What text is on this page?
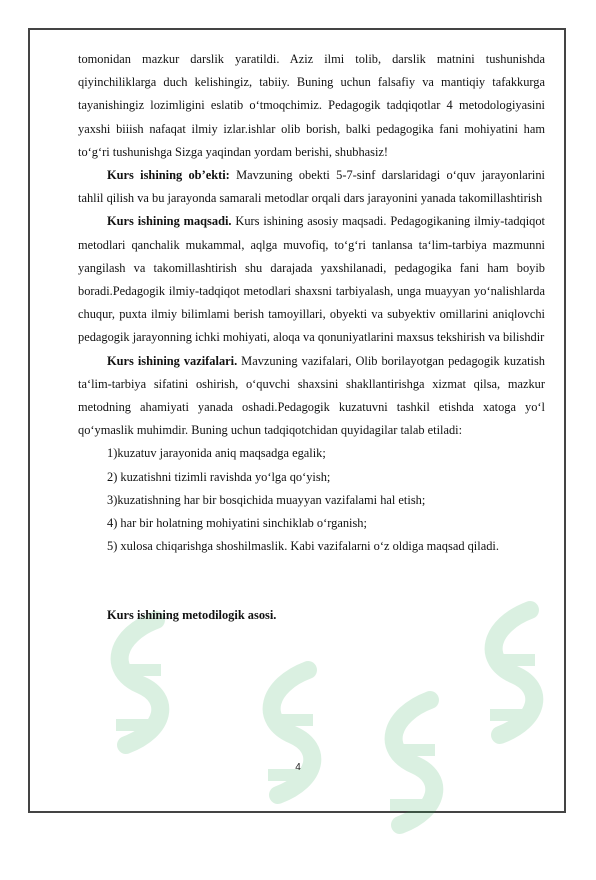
tomonidan mazkur darslik yaratildi. Aziz ilmi tolib, darslik matnini tushunishda qiyinchiliklarga duch kelishingiz, tabiiy. Buning uchun falsafiy va mantiqiy tafakkurga tayanishingiz lozimligini eslatib o‘tmoqchimiz. Pedagogik tadqiqotlar 4 metodologiyasini yaxshi biiish nafaqat ilmiy izlar.ishlar olib borish, balki pedagogika fani mohiyatini ham to‘g‘ri tushunishga Sizga yaqindan yordam berishi, shubhasiz!

Kurs ishining ob’ekti: Mavzuning obekti 5-7-sinf darslaridagi o‘quv jarayonlarini tahlil qilish va bu jarayonda samarali metodlar orqali dars jarayonini yanada takomillashtirish

Kurs ishining maqsadi. Kurs ishining asosiy maqsadi. Pedagogikaning ilmiy-tadqiqot metodlari qanchalik mukammal, aqlga muvofiq, to‘g‘ri tanlansa ta‘lim-tarbiya mazmunni yangilash va takomillashtirish shu darajada yaxshilanadi, pedagogika fani ham boyib boradi.Pedagogik ilmiy-tadqiqot metodlari shaxsni tarbiyalash, unga muayyan yo‘nalishlarda chuqur, puxta ilmiy bilimlami berish tamoyillari, obyekti va subyektiv omillarini aniqlovchi pedagogik jarayonning ichki mohiyati, aloqa va qonuniyatlarini maxsus tekshirish va bilishdir

Kurs ishining vazifalari. Mavzuning vazifalari, Olib borilayotgan pedagogik kuzatish ta‘lim-tarbiya sifatini oshirish, o‘quvchi shaxsini shakllantirishga xizmat qilsa, mazkur metodning ahamiyati yanada oshadi.Pedagogik kuzatuvni tashkil etishda xatoga yo‘l qo‘ymaslik muhimdir. Buning uchun tadqiqotchidan quyidagilar talab etiladi:

1)kuzatuv jarayonida aniq maqsadga egalik;

2) kuzatishni tizimli ravishda yo‘lga qo‘yish;

3)kuzatishning har bir bosqichida muayyan vazifalami hal etish;

4) har bir holatning mohiyatini sinchiklab o‘rganish;

5) xulosa chiqarishga shoshilmaslik. Kabi vazifalarni o‘z oldiga maqsad qiladi.

Kurs ishining metodilogik asosi.

4
